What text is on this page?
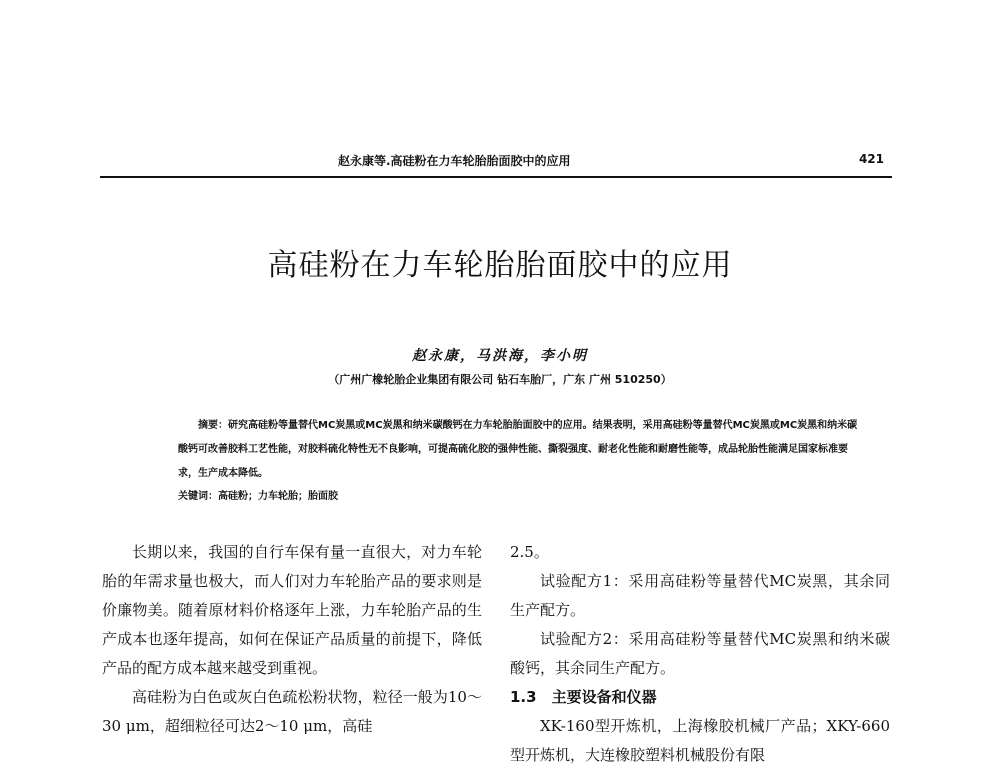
赵永康等.高硅粉在力车轮胎胎面胶中的应用	421
高硅粉在力车轮胎胎面胶中的应用
赵永康，马洪海，李小明
（广州广橡轮胎企业集团有限公司 钻石车胎厂，广东 广州 510250）

摘要：研究高硅粉等量替代MC炭黑或MC炭黑和纳米碳酸钙在力车轮胎胎面胶中的应用。结果表明，采用高硅粉等量替代MC炭黑或MC炭黑和纳米碳酸钙可改善胶料工艺性能，对胶料硫化特性无不良影响，可提高硫化胶的强伸性能、撕裂强度、耐老化性能和耐磨性能等，成品轮胎性能满足国家标准要求，生产成本降低。

关键词：高硅粉；力车轮胎；胎面胶

长期以来，我国的自行车保有量一直很大，对力车轮胎的年需求量也极大，而人们对力车轮胎产品的要求则是价廉物美。随着原材料价格逐年上涨，力车轮胎产品的生产成本也逐年提高，如何在保证产品质量的前提下，降低产品的配方成本越来越受到重视。

高硅粉为白色或灰白色疏松粉状物，粒径一般为10～30 μm，超细粒径可达2～10 μm，高硅

2.5。

试验配方1：采用高硅粉等量替代MC炭黑，其余同生产配方。

试验配方2：采用高硅粉等量替代MC炭黑和纳米碳酸钙，其余同生产配方。

1.3　主要设备和仪器

XK-160型开炼机，上海橡胶机械厂产品；XKY-660型开炼机，大连橡胶塑料机械股份有限
